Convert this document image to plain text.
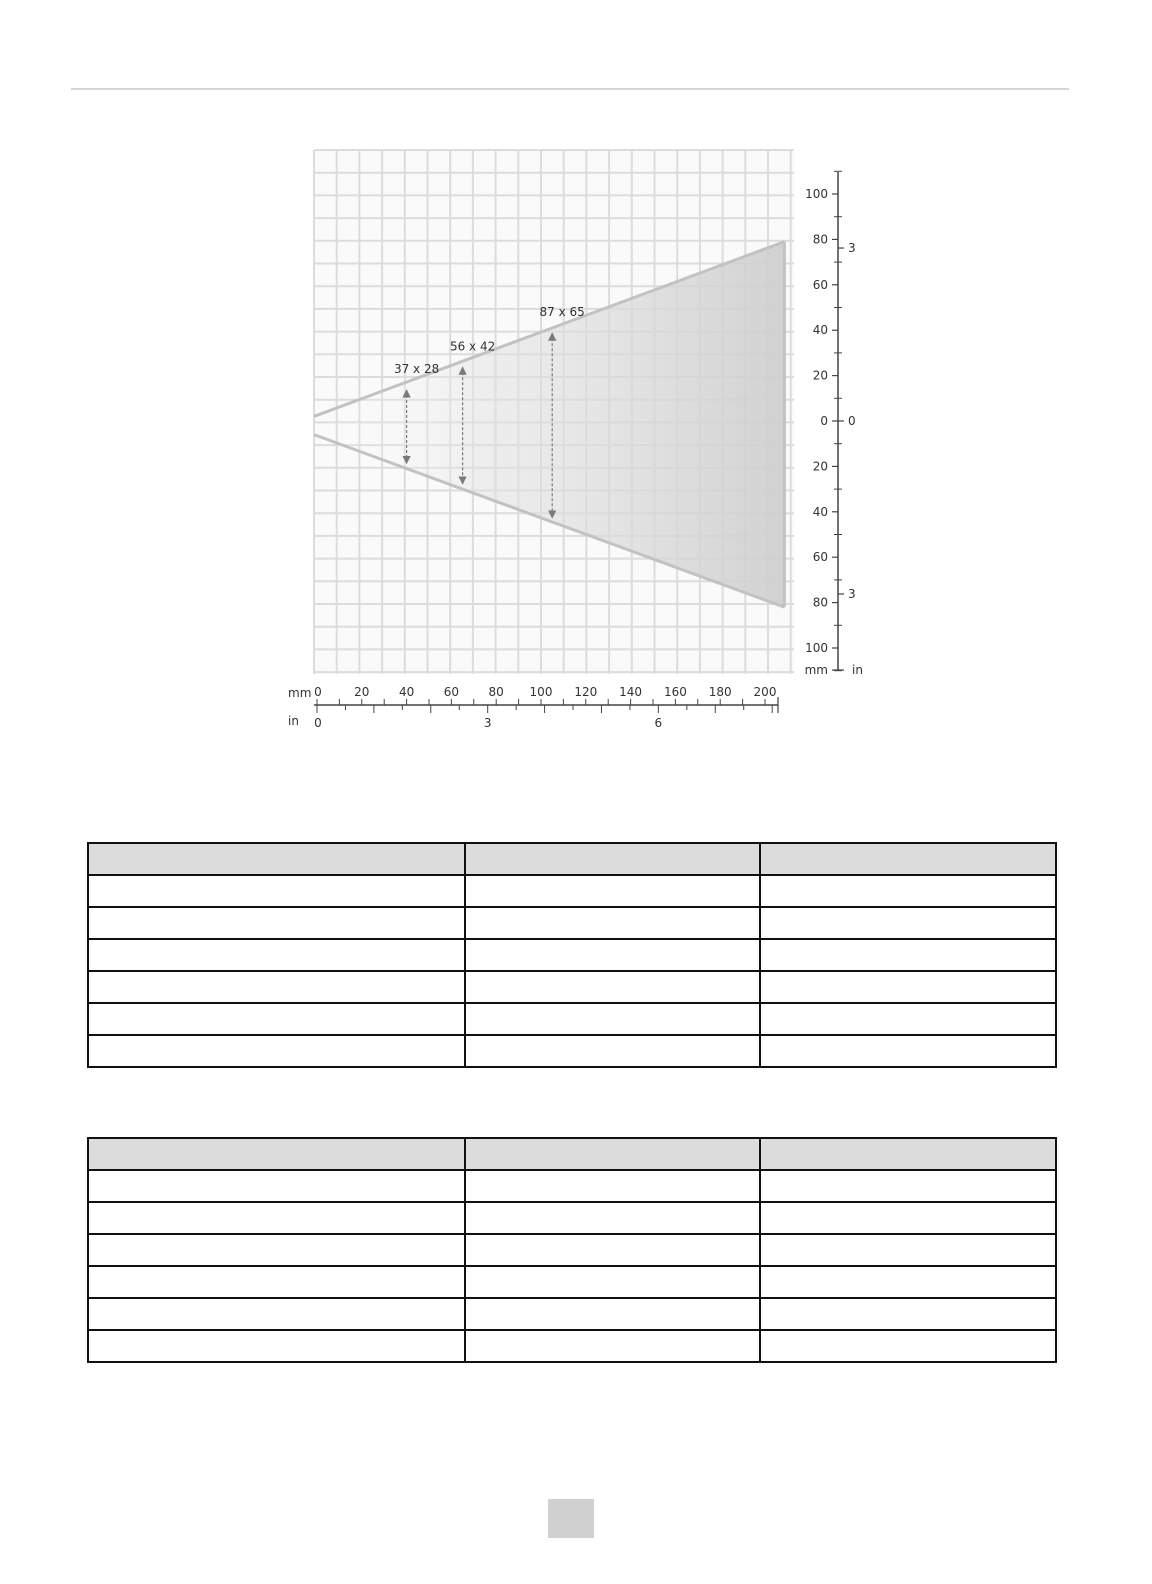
37 x 28
56 x 42
87 x 65
100
80
60
40
20
0
20
40
60
80
100
3
0
3
mm in
mm
in
0	20 40 60 80 100 120 140 160 180 200
0	3	6
